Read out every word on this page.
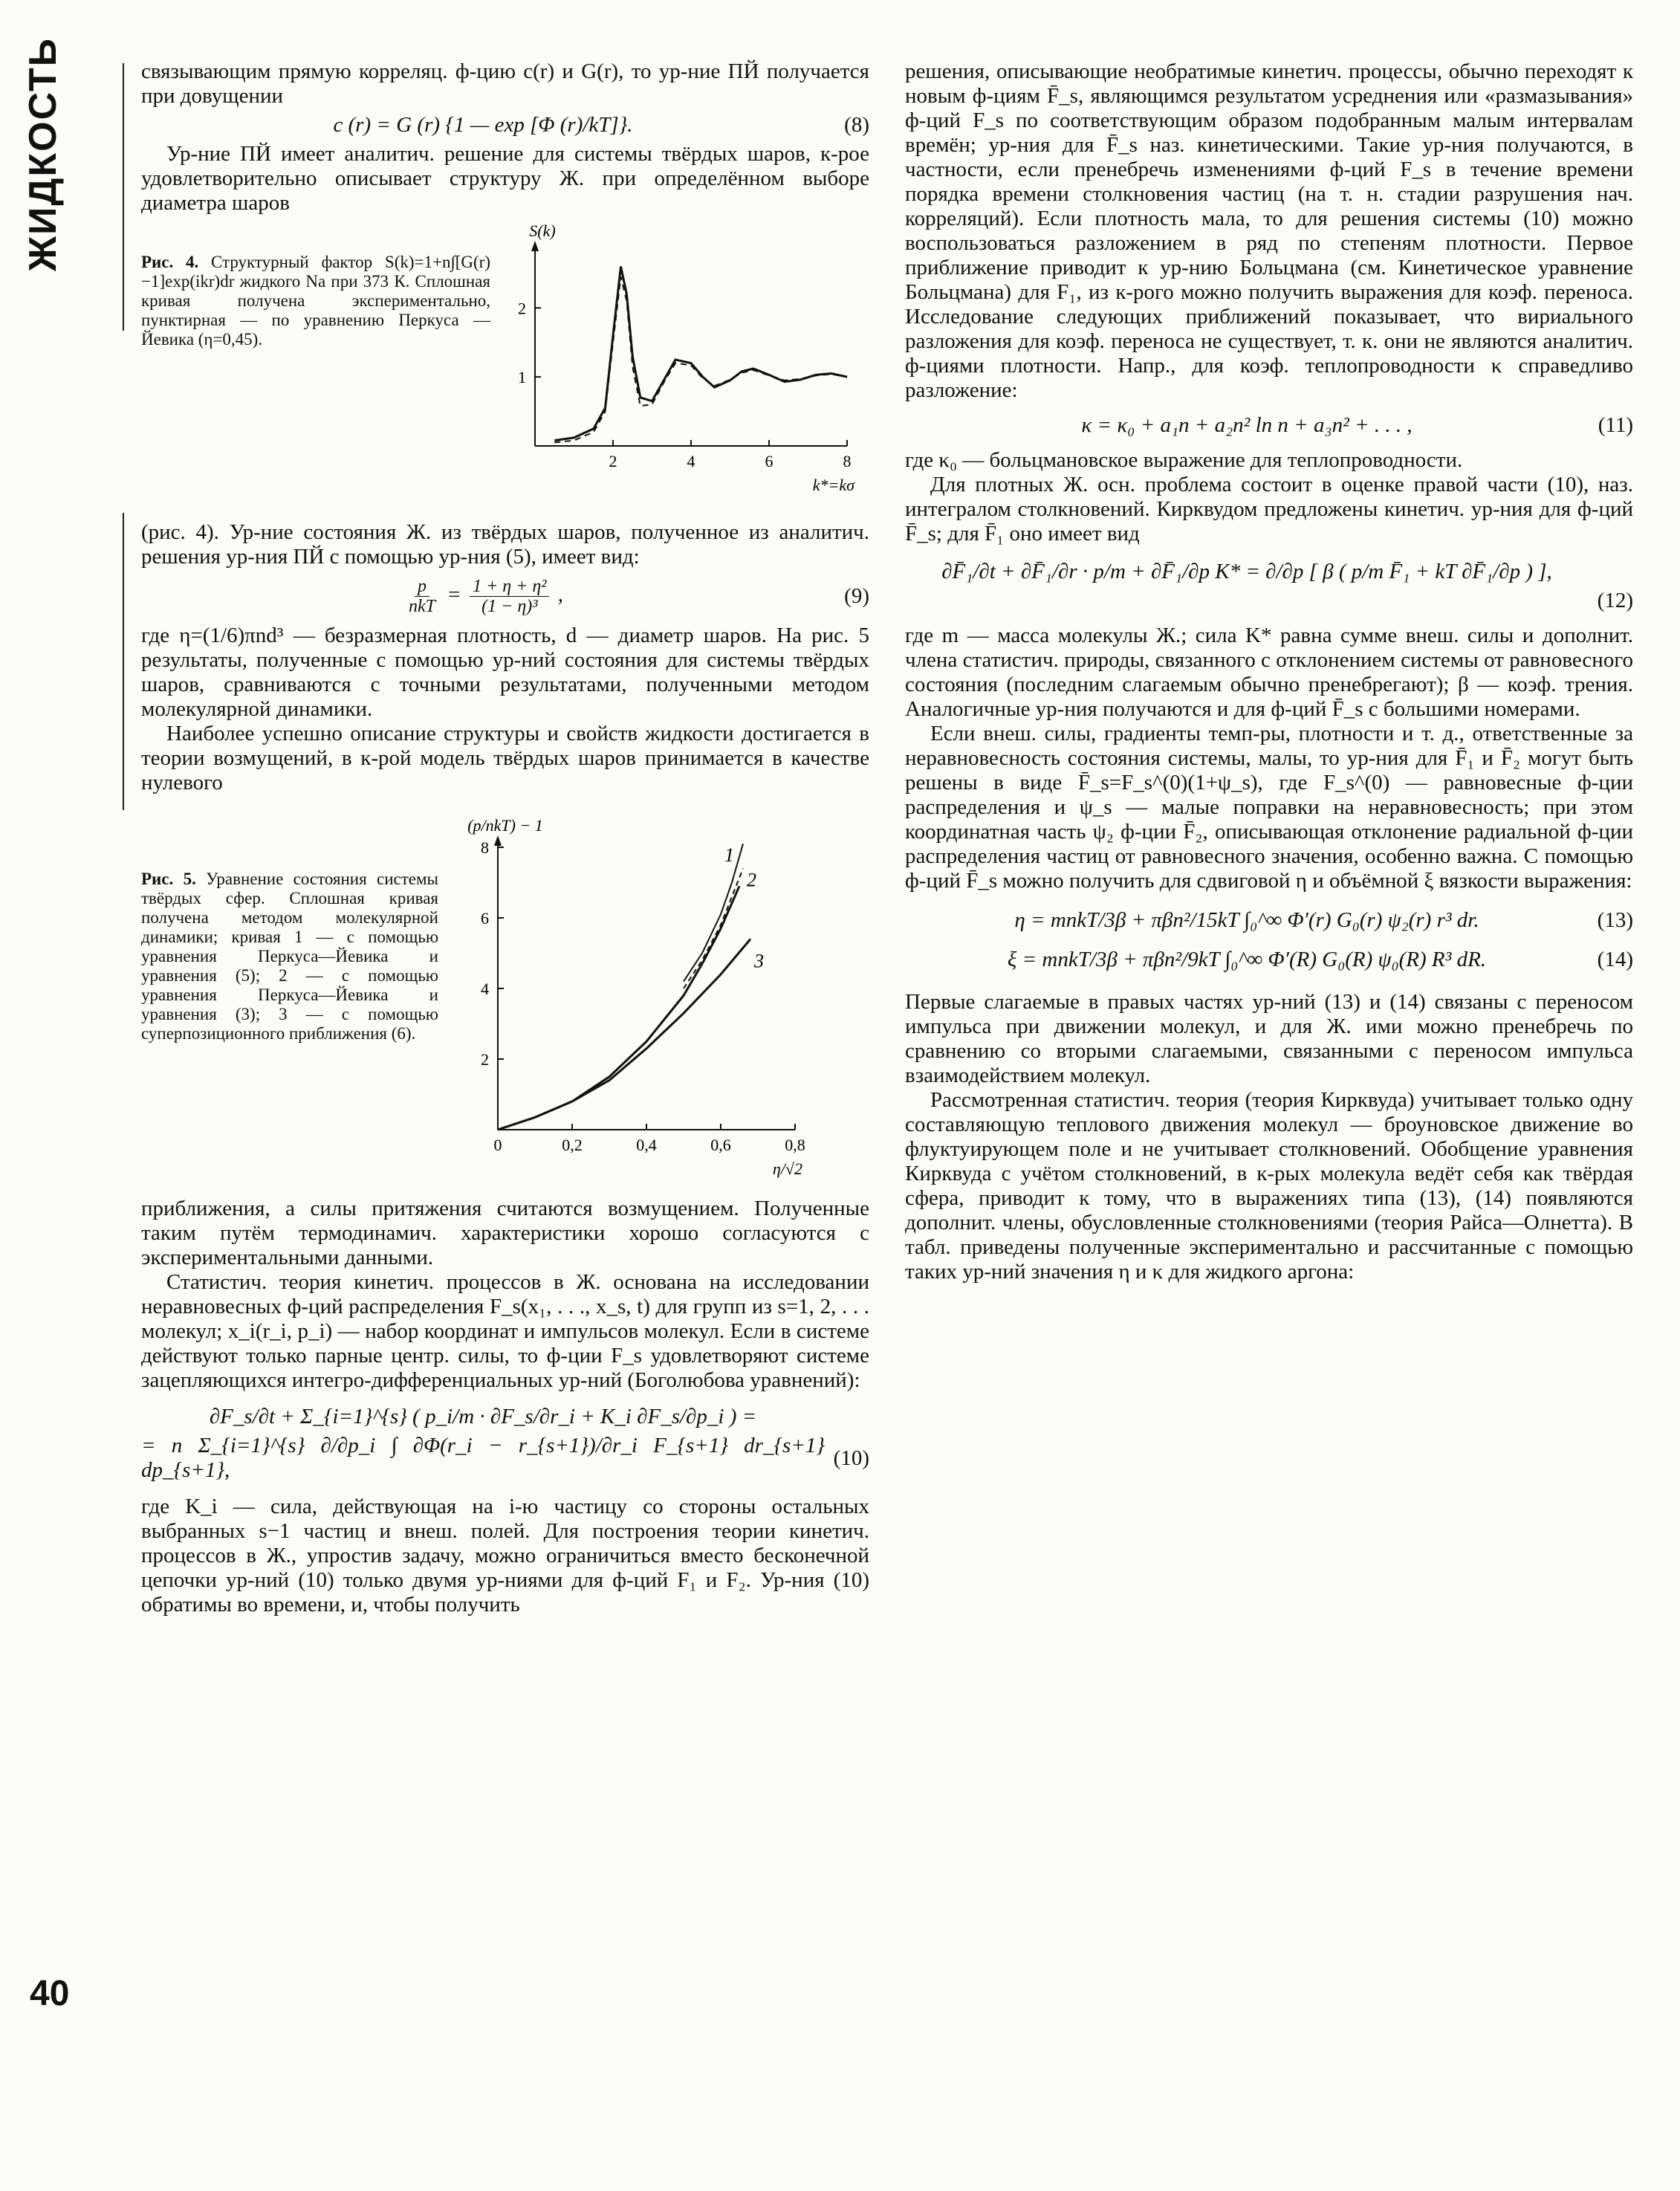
ЖИДКОСТЬ
40

связывающим прямую корреляц. ф-цию c(r) и G(r), то ур-ние ПЙ получается при довущении

c (r) = G (r) {1 — exp [Φ (r)/kT]}.	(8)

Ур-ние ПЙ имеет аналитич. решение для системы твёрдых шаров, к-рое удовлетворительно описывает структуру Ж. при определённом выборе диаметра шаров

Рис. 4. Структурный фактор S(k)=1+n∫[G(r)−1]exp(ikr)dr жидкого Na при 373 К. Сплошная кривая получена экспериментально, пунктирная — по уравнению Перкуса — Йевика (η=0,45).
2	4	6	8
1
2
k*=kσ
S(k)

(рис. 4). Ур-ние состояния Ж. из твёрдых шаров, полученное из аналитич. решения ур-ния ПЙ с помощью ур-ния (5), имеет вид:

$\frac{p}{\text{nkT}} = \frac{\text{1 + η + η²}}{\text{(1 − η)³}}$ ,	(9)

где η=(1/6)πnd³ — безразмерная плотность, d — диаметр шаров. На рис. 5 результаты, полученные с помощью ур-ний состояния для системы твёрдых шаров, сравниваются с точными результатами, полученными методом молекулярной динамики.

Наиболее успешно описание структуры и свойств жидкости достигается в теории возмущений, в к-рой модель твёрдых шаров принимается в качестве нулевого

Рис. 5. Уравнение состояния системы твёрдых сфер. Сплошная кривая получена методом молекулярной динамики; кривая 1 — с помощью уравнения Перкуса—Йевика и уравнения (5); 2 — с помощью уравнения Перкуса—Йевика и уравнения (3); 3 — с помощью суперпозиционного приближения (6).
0	0,2	0,4	0,6	0,8
2
4
6
8
η/√2
(p/nkT) − 1
1
2
3

приближения, а силы притяжения считаются возмущением. Полученные таким путём термодинамич. характеристики хорошо согласуются с экспериментальными данными.

Статистич. теория кинетич. процессов в Ж. основана на исследовании неравновесных ф-ций распределения F_s(x₁, . . ., x_s, t) для групп из s=1, 2, . . . молекул; x_i(r_i, p_i) — набор координат и импульсов молекул. Если в системе действуют только парные центр. силы, то ф-ции F_s удовлетворяют системе зацепляющихся интегро-дифференциальных ур-ний (Боголюбова уравнений):

∂F_s/∂t + Σ_{i=1}^{s} ( p_i/m · ∂F_s/∂r_i + K_i ∂F_s/∂p_i ) =
= n Σ_{i=1}^{s} ∂/∂p_i ∫ ∂Φ(r_i − r_{s+1})/∂r_i F_{s+1} dr_{s+1} dp_{s+1},
(10)

где K_i — сила, действующая на i-ю частицу со стороны остальных выбранных s−1 частиц и внеш. полей. Для построения теории кинетич. процессов в Ж., упростив задачу, можно ограничиться вместо бесконечной цепочки ур-ний (10) только двумя ур-ниями для ф-ций F₁ и F₂. Ур-ния (10) обратимы во времени, и, чтобы получить

решения, описывающие необратимые кинетич. процессы, обычно переходят к новым ф-циям F̄_s, являющимся результатом усреднения или «размазывания» ф-ций F_s по соответствующим образом подобранным малым интервалам времён; ур-ния для F̄_s наз. кинетическими. Такие ур-ния получаются, в частности, если пренебречь изменениями ф-ций F_s в течение времени порядка времени столкновения частиц (на т. н. стадии разрушения нач. корреляций). Если плотность мала, то для решения системы (10) можно воспользоваться разложением в ряд по степеням плотности. Первое приближение приводит к ур-нию Больцмана (см. Кинетическое уравнение Больцмана) для F₁, из к-рого можно получить выражения для коэф. переноса. Исследование следующих приближений показывает, что вириального разложения для коэф. переноса не существует, т. к. они не являются аналитич. ф-циями плотности. Напр., для коэф. теплопроводности κ справедливо разложение:

κ = κ₀ + a₁n + a₂n² ln n + a₃n² + . . . ,	(11)

где κ₀ — больцмановское выражение для теплопроводности.

Для плотных Ж. осн. проблема состоит в оценке правой части (10), наз. интегралом столкновений. Кирквудом предложены кинетич. ур-ния для ф-ций F̄_s; для F̄₁ оно имеет вид

∂F̄₁/∂t + ∂F̄₁/∂r · p/m + ∂F̄₁/∂p K* = ∂/∂p [ β ( p/m F̄₁ + kT ∂F̄₁/∂p ) ],
(12)

где m — масса молекулы Ж.; сила K* равна сумме внеш. силы и дополнит. члена статистич. природы, связанного с отклонением системы от равновесного состояния (последним слагаемым обычно пренебрегают); β — коэф. трения. Аналогичные ур-ния получаются и для ф-ций F̄_s с большими номерами.

Если внеш. силы, градиенты темп-ры, плотности и т. д., ответственные за неравновесность состояния системы, малы, то ур-ния для F̄₁ и F̄₂ могут быть решены в виде F̄_s=F_s^(0)(1+ψ_s), где F_s^(0) — равновесные ф-ции распределения и ψ_s — малые поправки на неравновесность; при этом координатная часть ψ₂ ф-ции F̄₂, описывающая отклонение радиальной ф-ции распределения частиц от равновесного значения, особенно важна. С помощью ф-ций F̄_s можно получить для сдвиговой η и объёмной ξ вязкости выражения:

η = mnkT/3β + πβn²/15kT ∫₀^∞ Φ′(r) G₀(r) ψ₂(r) r³ dr.	(13)
ξ = mnkT/3β + πβn²/9kT ∫₀^∞ Φ′(R) G₀(R) ψ₀(R) R³ dR.	(14)

Первые слагаемые в правых частях ур-ний (13) и (14) связаны с переносом импульса при движении молекул, и для Ж. ими можно пренебречь по сравнению со вторыми слагаемыми, связанными с переносом импульса взаимодействием молекул.

Рассмотренная статистич. теория (теория Кирквуда) учитывает только одну составляющую теплового движения молекул — броуновское движение во флуктуирующем поле и не учитывает столкновений. Обобщение уравнения Кирквуда с учётом столкновений, в к-рых молекула ведёт себя как твёрдая сфера, приводит к тому, что в выражениях типа (13), (14) появляются дополнит. члены, обусловленные столкновениями (теория Райса—Олнетта). В табл. приведены полученные экспериментально и рассчитанные с помощью таких ур-ний значения η и κ для жидкого аргона:
